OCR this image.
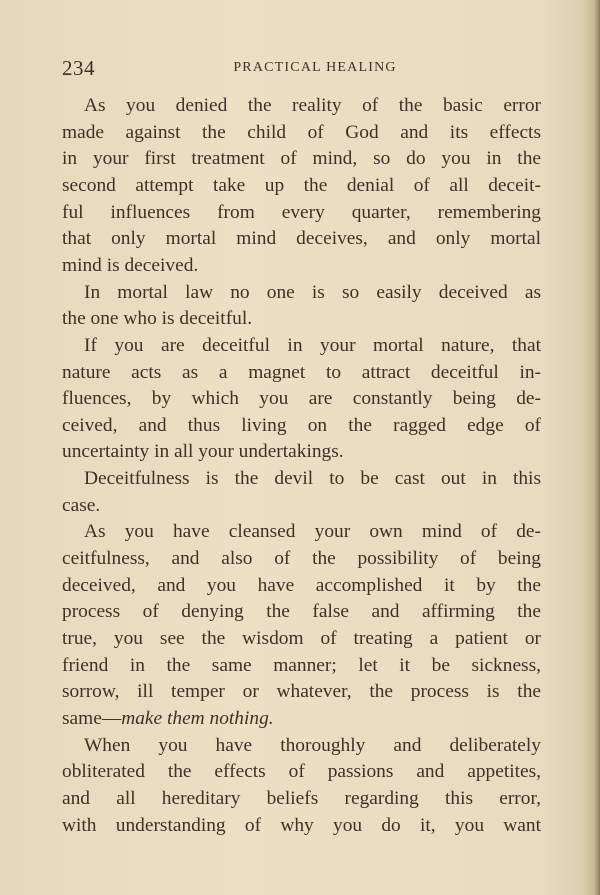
234	PRACTICAL HEALING
As you denied the reality of the basic error
made against the child of God and its effects
in your first treatment of mind, so do you in the
second attempt take up the denial of all deceit-
ful influences from every quarter, remembering
that only mortal mind deceives, and only mortal
mind is deceived.
In mortal law no one is so easily deceived as
the one who is deceitful.
If you are deceitful in your mortal nature, that
nature acts as a magnet to attract deceitful in-
fluences, by which you are constantly being de-
ceived, and thus living on the ragged edge of
uncertainty in all your undertakings.
Deceitfulness is the devil to be cast out in this
case.
As you have cleansed your own mind of de-
ceitfulness, and also of the possibility of being
deceived, and you have accomplished it by the
process of denying the false and affirming the
true, you see the wisdom of treating a patient or
friend in the same manner; let it be sickness,
sorrow, ill temper or whatever, the process is the
same—make them nothing.
When you have thoroughly and deliberately
obliterated the effects of passions and appetites,
and all hereditary beliefs regarding this error,
with understanding of why you do it, you want
